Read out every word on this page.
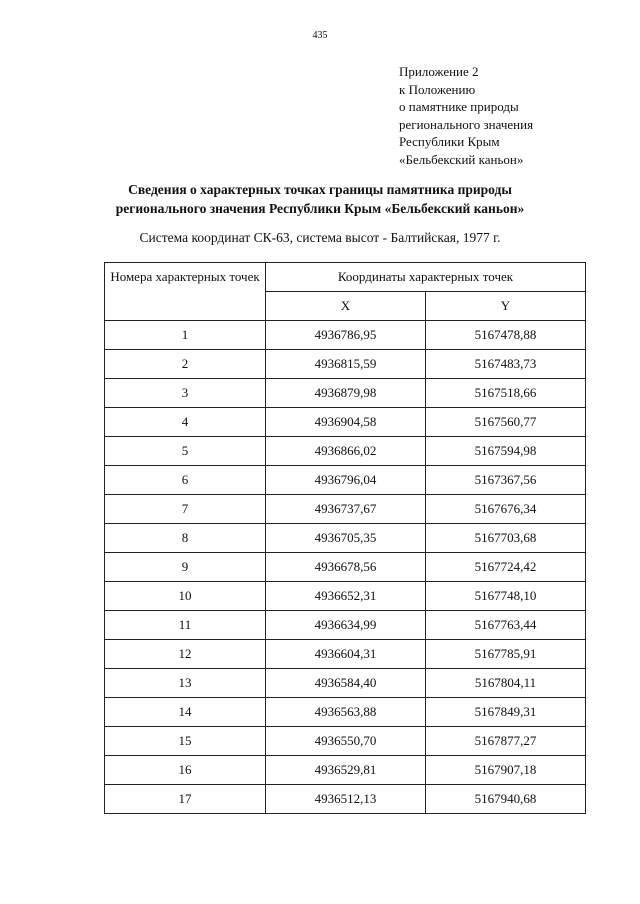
435
Приложение 2
к Положению
о памятнике природы
регионального значения
Республики Крым
«Бельбекский каньон»
Сведения о характерных точках границы памятника природы
регионального значения Республики Крым «Бельбекский каньон»
Система координат СК-63, система высот - Балтийская, 1977 г.
Номера характерных точек	Координаты характерных точек	
	X	Y
1	4936786,95	5167478,88
2	4936815,59	5167483,73
3	4936879,98	5167518,66
4	4936904,58	5167560,77
5	4936866,02	5167594,98
6	4936796,04	5167367,56
7	4936737,67	5167676,34
8	4936705,35	5167703,68
9	4936678,56	5167724,42
10	4936652,31	5167748,10
11	4936634,99	5167763,44
12	4936604,31	5167785,91
13	4936584,40	5167804,11
14	4936563,88	5167849,31
15	4936550,70	5167877,27
16	4936529,81	5167907,18
17	4936512,13	5167940,68
